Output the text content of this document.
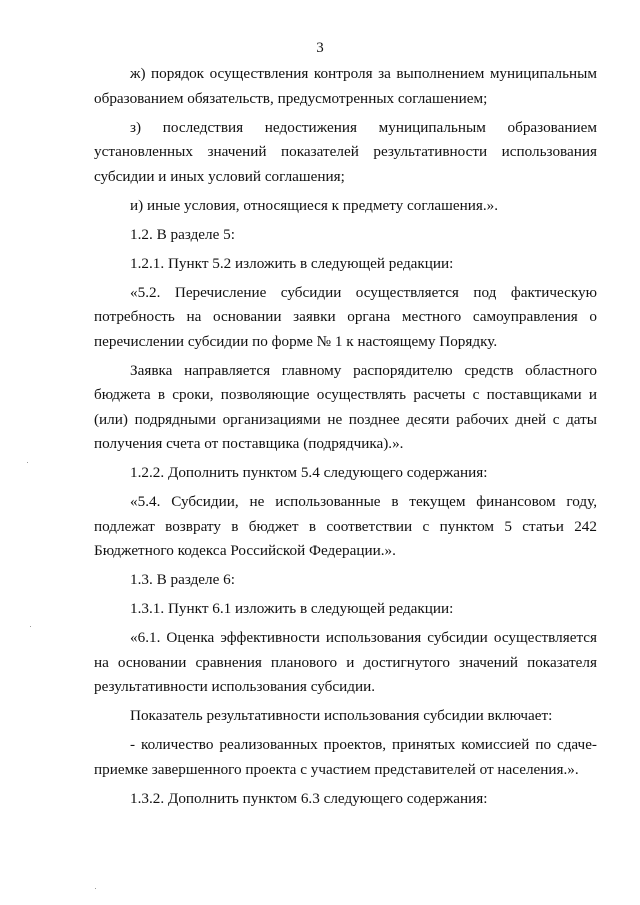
3

ж) порядок осуществления контроля за выполнением муниципальным образованием обязательств, предусмотренных соглашением;

з) последствия недостижения муниципальным образованием

установленных значений показателей результативности использования субсидии и иных условий соглашения;

и) иные условия, относящиеся к предмету соглашения.».

1.2. В разделе 5:

1.2.1. Пункт 5.2 изложить в следующей редакции:

«5.2. Перечисление субсидии осуществляется под фактическую потребность на основании заявки органа местного самоуправления о перечислении субсидии по форме № 1 к настоящему Порядку.

Заявка направляется главному распорядителю средств областного бюджета в сроки, позволяющие осуществлять расчеты с поставщиками и (или) подрядными организациями не позднее десяти рабочих дней с даты получения счета от поставщика (подрядчика).».

1.2.2. Дополнить пунктом 5.4 следующего содержания:

«5.4. Субсидии, не использованные в текущем финансовом году, подлежат возврату в бюджет в соответствии с пунктом 5 статьи 242 Бюджетного кодекса Российской Федерации.».

1.3. В разделе 6:

1.3.1. Пункт 6.1 изложить в следующей редакции:

«6.1. Оценка эффективности использования субсидии осуществляется на основании сравнения планового и достигнутого значений показателя результативности использования субсидии.

Показатель результативности использования субсидии включает:

- количество реализованных проектов, принятых комиссией по сдаче-приемке завершенного проекта с участием представителей от населения.».

1.3.2. Дополнить пунктом 6.3 следующего содержания:
